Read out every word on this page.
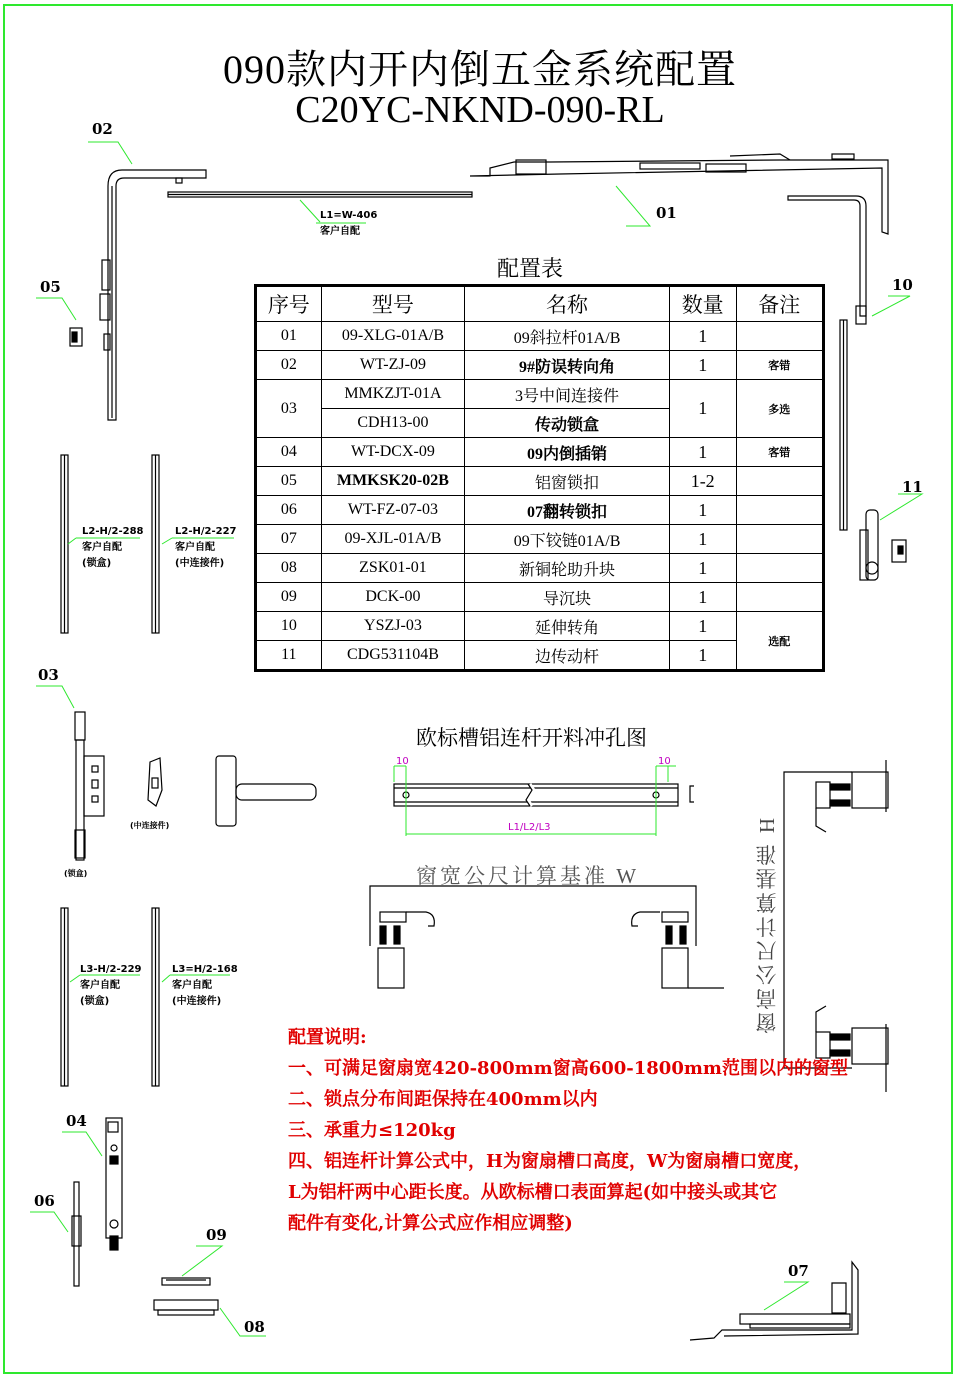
090款内开内倒五金系统配置
C20YC-NKND-090-RL
02
01
05	10
11
03
04
06
09
08
07
L1=W-406
客户自配
L2-H/2-288
客户自配
(锁盒)
L2-H/2-227
客户自配
(中连接件)
L3-H/2-229
客户自配
(锁盒)
L3=H/2-168
客户自配
(中连接件)
(中连接件)
(锁盒)
配置表
序号	型号	名称	数量	备注
01	09-XLG-01A/B	09斜拉杆01A/B	1	
02	WT-ZJ-09	9#防误转向角	1	客错
03	MMKZJT-01A	3号中间连接件	1	多选
	CDH13-00	传动锁盒		
04	WT-DCX-09	09内倒插销	1	客错
05	MMKSK20-02B	铝窗锁扣	1-2	
06	WT-FZ-07-03	07翻转锁扣	1	
07	09-XJL-01A/B	09下铰链01A/B	1	
08	ZSK01-01	新铜轮助升块	1	
09	DCK-00	导沉块	1	
10	YSZJ-03	延伸转角	1	选配
11	CDG531104B	边传动杆	1	
欧标槽铝连杆开料冲孔图
10	10
L1/L2/L3
窗宽公尺计算基准 W	窗高公尺计算基准 H
配置说明:
一、可满足窗扇宽420-800mm窗高600-1800mm范围以内的窗型
二、锁点分布间距保持在400mm以内
三、承重力≤120kg
四、铝连杆计算公式中，H为窗扇槽口高度，W为窗扇槽口宽度，
L为铝杆两中心距长度。从欧标槽口表面算起(如中接头或其它
配件有变化,计算公式应作相应调整)
